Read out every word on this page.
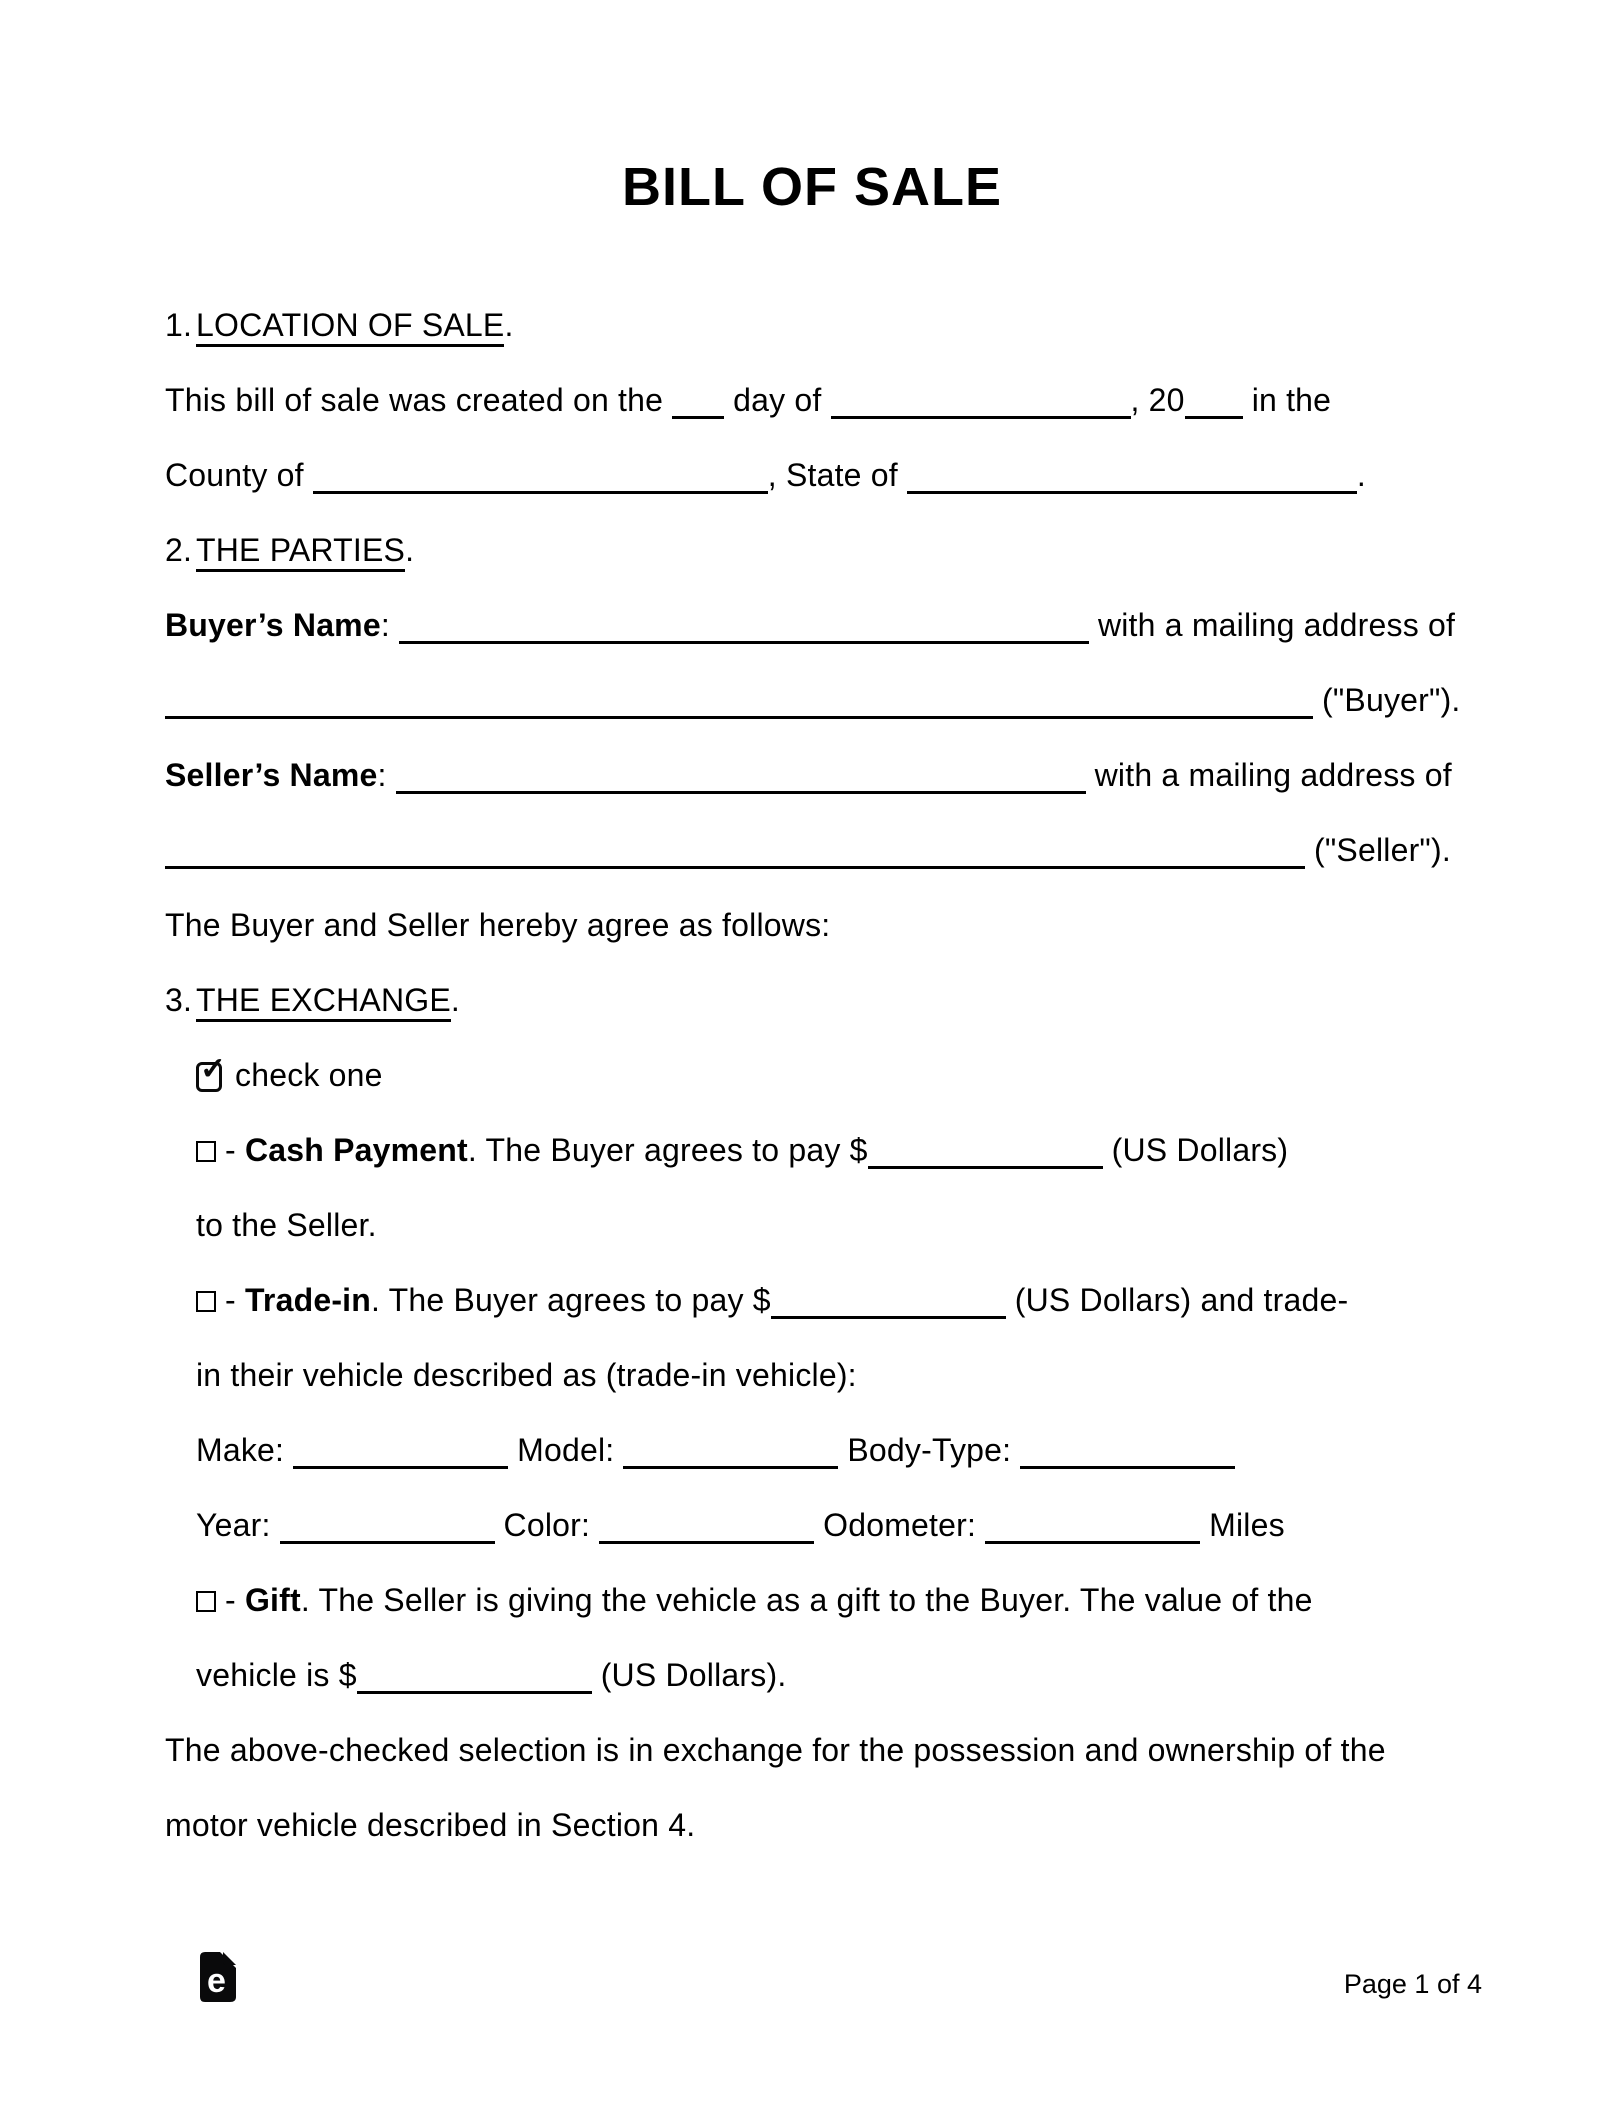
BILL OF SALE
1. LOCATION OF SALE.
This bill of sale was created on the day of	, 20 in the
County of	, State of	.
2. THE PARTIES.
Buyer’s Name:	with a mailing address of
("Buyer").
Seller’s Name:	with a mailing address of
("Seller").
The Buyer and Seller hereby agree as follows:
3. THE EXCHANGE.
✓check one
- Cash Payment. The Buyer agrees to pay $	(US Dollars)
to the Seller.
- Trade-in. The Buyer agrees to pay $	(US Dollars) and trade-
in their vehicle described as (trade-in vehicle):
Make:	Model:	Body-Type:
Year:	Color:	Odometer:	Miles
- Gift. The Seller is giving the vehicle as a gift to the Buyer. The value of the
vehicle is $	(US Dollars).
The above-checked selection is in exchange for the possession and ownership of the
motor vehicle described in Section 4.
e	Page 1 of 4
